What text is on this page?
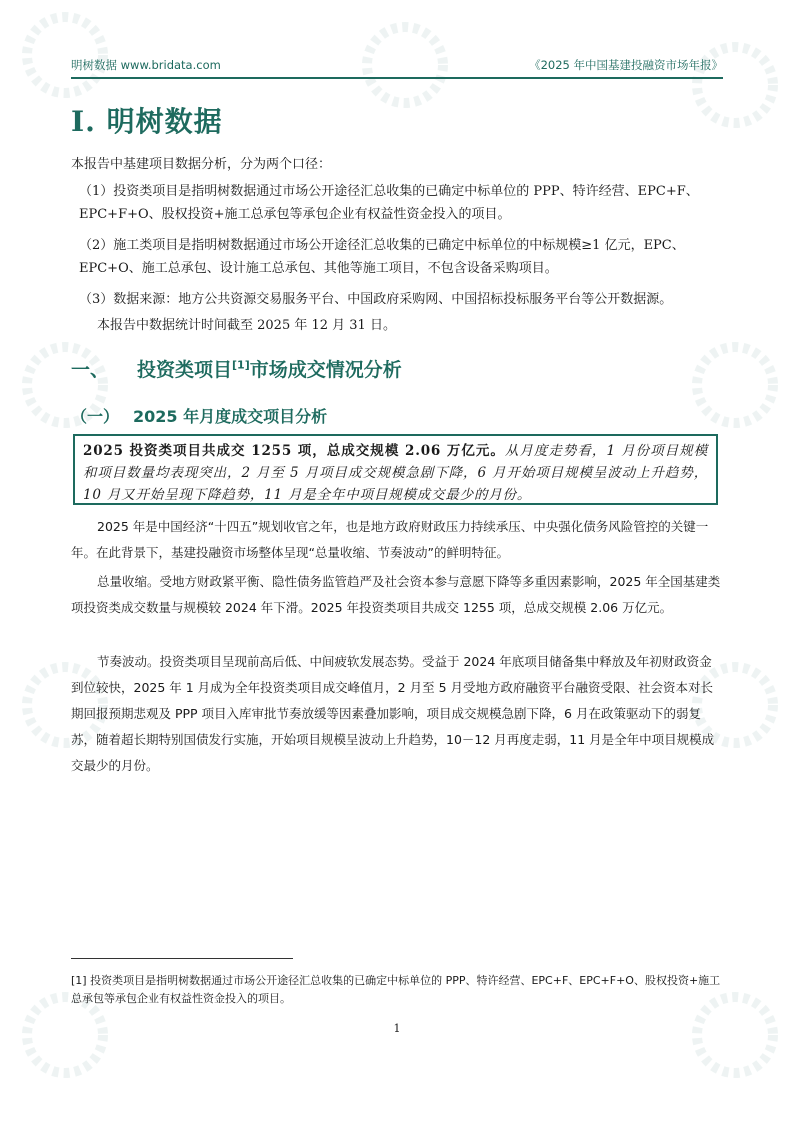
明树数据 www.bridata.com	《2025 年中国基建投融资市场年报》
I. 明树数据

本报告中基建项目数据分析，分为两个口径：

（1）投资类项目是指明树数据通过市场公开途径汇总收集的已确定中标单位的 PPP、特许经营、EPC+F、EPC+F+O、股权投资+施工总承包等承包企业有权益性资金投入的项目。

（2）施工类项目是指明树数据通过市场公开途径汇总收集的已确定中标单位的中标规模≥1 亿元，EPC、EPC+O、施工总承包、设计施工总承包、其他等施工项目，不包含设备采购项目。

（3）数据来源：地方公共资源交易服务平台、中国政府采购网、中国招标投标服务平台等公开数据源。

本报告中数据统计时间截至 2025 年 12 月 31 日。

一、 投资类项目[1]市场成交情况分析
（一） 2025 年月度成交项目分析
2025 投资类项目共成交 1255 项，总成交规模 2.06 万亿元。从月度走势看，1 月份项目规模和项目数量均表现突出，2 月至 5 月项目成交规模急剧下降，6 月开始项目规模呈波动上升趋势，10 月又开始呈现下降趋势，11 月是全年中项目规模成交最少的月份。

2025 年是中国经济“十四五”规划收官之年，也是地方政府财政压力持续承压、中央强化债务风险管控的关键一年。在此背景下，基建投融资市场整体呈现“总量收缩、节奏波动”的鲜明特征。

总量收缩。受地方财政紧平衡、隐性债务监管趋严及社会资本参与意愿下降等多重因素影响，2025 年全国基建类项投资类成交数量与规模较 2024 年下滑。2025 年投资类项目共成交 1255 项，总成交规模 2.06 万亿元。

节奏波动。投资类项目呈现前高后低、中间疲软发展态势。受益于 2024 年底项目储备集中释放及年初财政资金到位较快，2025 年 1 月成为全年投资类项目成交峰值月，2 月至 5 月受地方政府融资平台融资受限、社会资本对长期回报预期悲观及 PPP 项目入库审批节奏放缓等因素叠加影响，项目成交规模急剧下降，6 月在政策驱动下的弱复苏，随着超长期特别国债发行实施，开始项目规模呈波动上升趋势，10－12 月再度走弱，11 月是全年中项目规模成交最少的月份。

[1] 投资类项目是指明树数据通过市场公开途径汇总收集的已确定中标单位的 PPP、特许经营、EPC+F、EPC+F+O、股权投资+施工总承包等承包企业有权益性资金投入的项目。

1
